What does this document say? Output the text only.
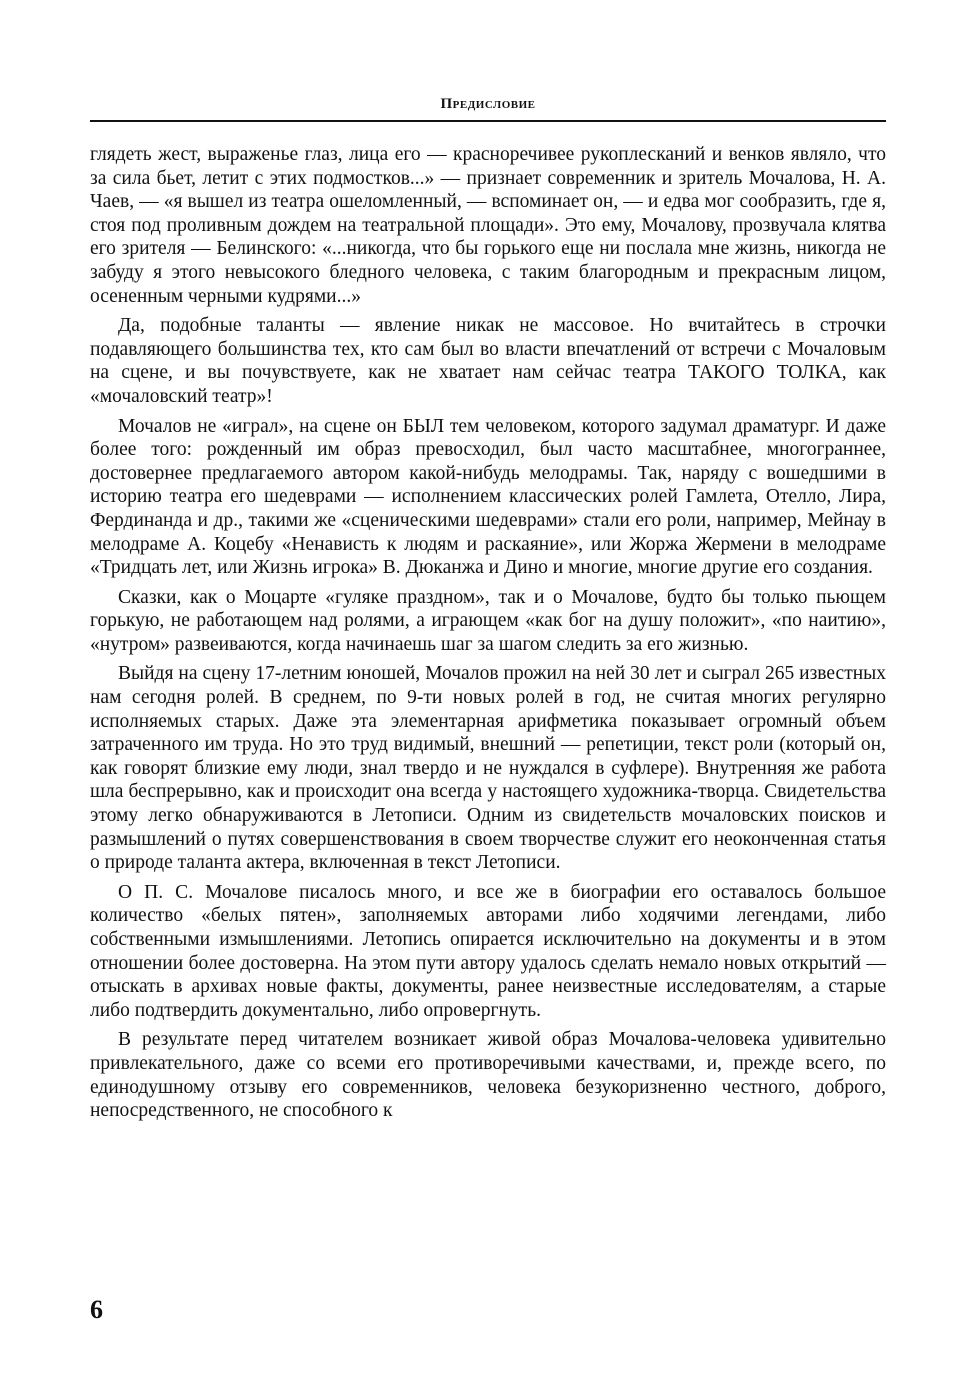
Предисловие

глядеть жест, выраженье глаз, лица его — красноречивее рукоплесканий и венков являло, что за сила бьет, летит с этих подмостков...» — признает современник и зритель Мочалова, Н. А. Чаев, — «я вышел из театра ошеломленный, — вспоминает он, — и едва мог сообразить, где я, стоя под проливным дождем на театральной площади». Это ему, Мочалову, прозвучала клятва его зрителя — Белинского: «...никогда, что бы горького еще ни послала мне жизнь, никогда не забуду я этого невысокого бледного человека, с таким благородным и прекрасным лицом, осененным черными кудрями...»

Да, подобные таланты — явление никак не массовое. Но вчитайтесь в строчки подавляющего большинства тех, кто сам был во власти впечатлений от встречи с Мочаловым на сцене, и вы почувствуете, как не хватает нам сейчас театра ТАКОГО ТОЛКА, как «мочаловский театр»!

Мочалов не «играл», на сцене он БЫЛ тем человеком, которого задумал драматург. И даже более того: рожденный им образ превосходил, был часто масштабнее, многограннее, достовернее предлагаемого автором какой-нибудь мелодрамы. Так, наряду с вошедшими в историю театра его шедеврами — исполнением классических ролей Гамлета, Отелло, Лира, Фердинанда и др., такими же «сценическими шедеврами» стали его роли, например, Мейнау в мелодраме А. Коцебу «Ненависть к людям и раскаяние», или Жоржа Жермени в мелодраме «Тридцать лет, или Жизнь игрока» В. Дюканжа и Дино и многие, многие другие его создания.

Сказки, как о Моцарте «гуляке праздном», так и о Мочалове, будто бы только пьющем горькую, не работающем над ролями, а играющем «как бог на душу положит», «по наитию», «нутром» развеиваются, когда начинаешь шаг за шагом следить за его жизнью.

Выйдя на сцену 17-летним юношей, Мочалов прожил на ней 30 лет и сыграл 265 известных нам сегодня ролей. В среднем, по 9-ти новых ролей в год, не считая многих регулярно исполняемых старых. Даже эта элементарная арифметика показывает огромный объем затраченного им труда. Но это труд видимый, внешний — репетиции, текст роли (который он, как говорят близкие ему люди, знал твердо и не нуждался в суфлере). Внутренняя же работа шла беспрерывно, как и происходит она всегда у настоящего художника-творца. Свидетельства этому легко обнаруживаются в Летописи. Одним из свидетельств мочаловских поисков и размышлений о путях совершенствования в своем творчестве служит его неоконченная статья о природе таланта актера, включенная в текст Летописи.

О П. С. Мочалове писалось много, и все же в биографии его оставалось большое количество «белых пятен», заполняемых авторами либо ходячими легендами, либо собственными измышлениями. Летопись опирается исключительно на документы и в этом отношении более достоверна. На этом пути автору удалось сделать немало новых открытий — отыскать в архивах новые факты, документы, ранее неизвестные исследователям, а старые либо подтвердить документально, либо опровергнуть.

В результате перед читателем возникает живой образ Мочалова-человека удивительно привлекательного, даже со всеми его противоречивыми качествами, и, прежде всего, по единодушному отзыву его современников, человека безукоризненно честного, доброго, непосредственного, не способного к

6
